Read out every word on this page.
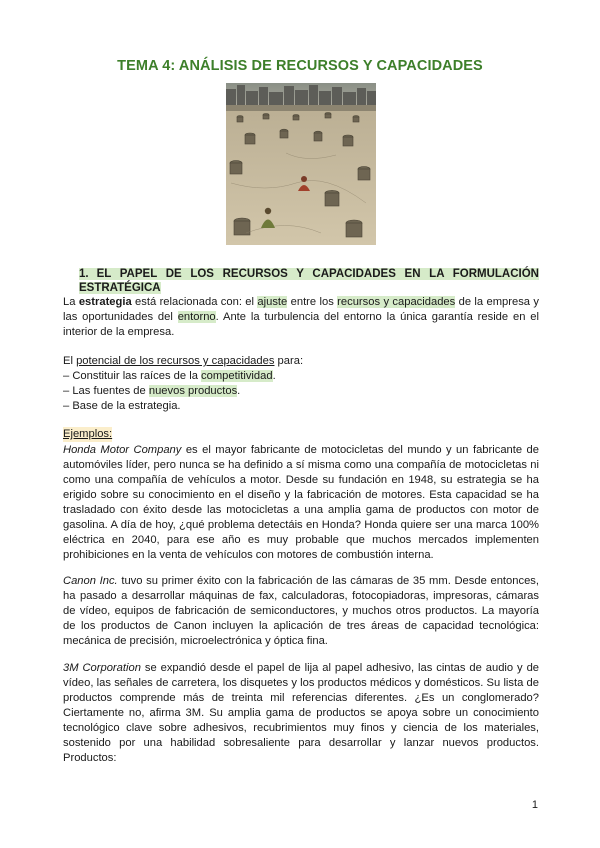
TEMA 4: ANÁLISIS DE RECURSOS Y CAPACIDADES
1. EL PAPEL DE LOS RECURSOS Y CAPACIDADES EN LA FORMULACIÓN
ESTRATÉGICA
La estrategia está relacionada con: el ajuste entre los recursos y capacidades de la empresa y las oportunidades del entorno. Ante la turbulencia del entorno la única garantía reside en el interior de la empresa.
El potencial de los recursos y capacidades para:
– Constituir las raíces de la competitividad.
– Las fuentes de nuevos productos.
– Base de la estrategia.
Ejemplos:
Honda Motor Company es el mayor fabricante de motocicletas del mundo y un fabricante de automóviles líder, pero nunca se ha definido a sí misma como una compañía de motocicletas ni como una compañía de vehículos a motor. Desde su fundación en 1948, su estrategia se ha erigido sobre su conocimiento en el diseño y la fabricación de motores. Esta capacidad se ha trasladado con éxito desde las motocicletas a una amplia gama de productos con motor de gasolina. A día de hoy, ¿qué problema detectáis en Honda? Honda quiere ser una marca 100% eléctrica en 2040, para ese año es muy probable que muchos mercados implementen prohibiciones en la venta de vehículos con motores de combustión interna.
Canon Inc. tuvo su primer éxito con la fabricación de las cámaras de 35 mm. Desde entonces, ha pasado a desarrollar máquinas de fax, calculadoras, fotocopiadoras, impresoras, cámaras de vídeo, equipos de fabricación de semiconductores, y muchos otros productos. La mayoría de los productos de Canon incluyen la aplicación de tres áreas de capacidad tecnológica: mecánica de precisión, microelectrónica y óptica fina.
3M Corporation se expandió desde el papel de lija al papel adhesivo, las cintas de audio y de vídeo, las señales de carretera, los disquetes y los productos médicos y domésticos. Su lista de productos comprende más de treinta mil referencias diferentes. ¿Es un conglomerado? Ciertamente no, afirma 3M. Su amplia gama de productos se apoya sobre un conocimiento tecnológico clave sobre adhesivos, recubrimientos muy finos y ciencia de los materiales, sostenido por una habilidad sobresaliente para desarrollar y lanzar nuevos productos. Productos:
1
